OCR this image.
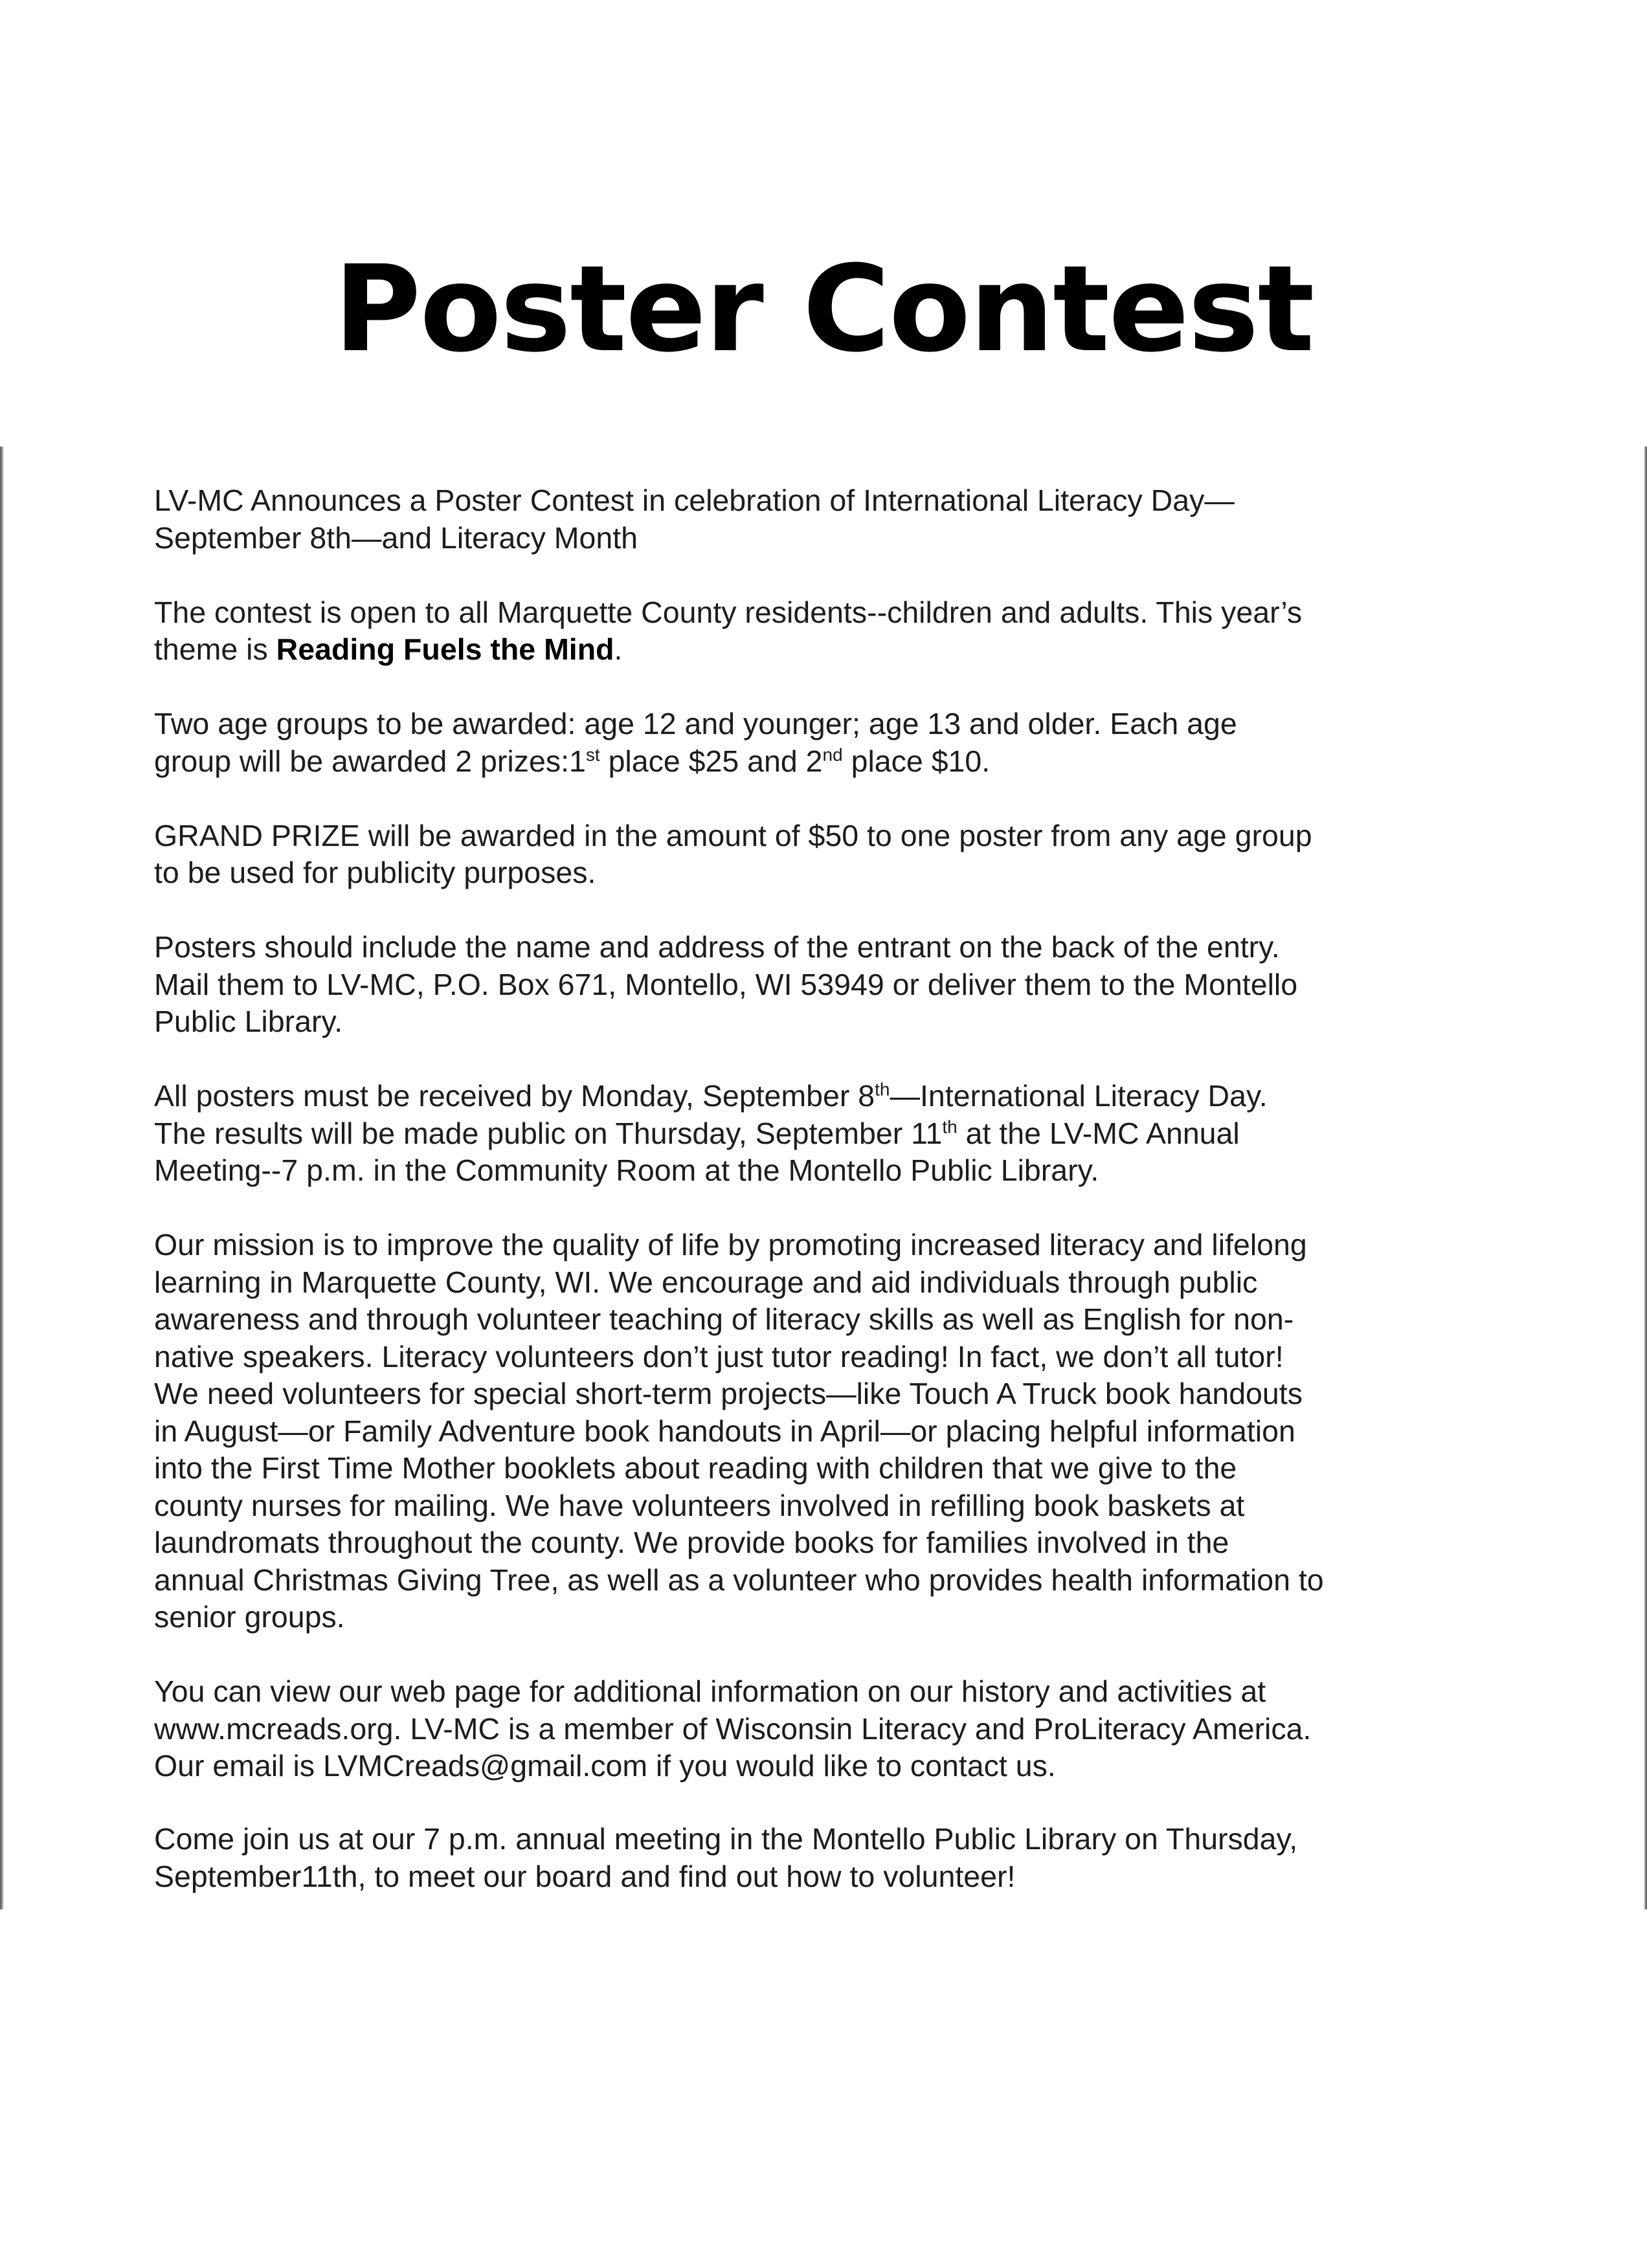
Poster Contest

LV-MC Announces a Poster Contest in celebration of International Literacy Day—
September 8th—and Literacy Month

The contest is open to all Marquette County residents--children and adults. This year’s
theme is Reading Fuels the Mind.

Two age groups to be awarded: age 12 and younger; age 13 and older. Each age
group will be awarded 2 prizes:1st place $25 and 2nd place $10.

GRAND PRIZE will be awarded in the amount of $50 to one poster from any age group
to be used for publicity purposes.

Posters should include the name and address of the entrant on the back of the entry.
Mail them to LV-MC, P.O. Box 671, Montello, WI 53949 or deliver them to the Montello
Public Library.

All posters must be received by Monday, September 8th—International Literacy Day.
The results will be made public on Thursday, September 11th at the LV-MC Annual
Meeting--7 p.m. in the Community Room at the Montello Public Library.

Our mission is to improve the quality of life by promoting increased literacy and lifelong
learning in Marquette County, WI. We encourage and aid individuals through public
awareness and through volunteer teaching of literacy skills as well as English for non-
native speakers. Literacy volunteers don’t just tutor reading! In fact, we don’t all tutor!
We need volunteers for special short-term projects—like Touch A Truck book handouts
in August—or Family Adventure book handouts in April—or placing helpful information
into the First Time Mother booklets about reading with children that we give to the
county nurses for mailing. We have volunteers involved in refilling book baskets at
laundromats throughout the county. We provide books for families involved in the
annual Christmas Giving Tree, as well as a volunteer who provides health information to
senior groups.

You can view our web page for additional information on our history and activities at
www.mcreads.org. LV-MC is a member of Wisconsin Literacy and ProLiteracy America.
Our email is LVMCreads@gmail.com if you would like to contact us.

Come join us at our 7 p.m. annual meeting in the Montello Public Library on Thursday,
September11th, to meet our board and find out how to volunteer!
